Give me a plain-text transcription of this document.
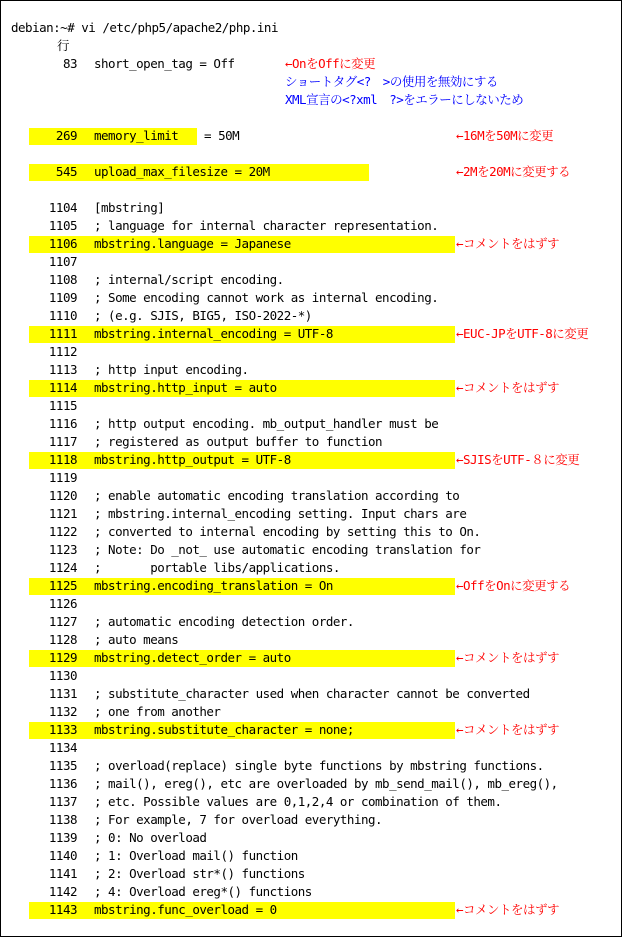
debian:~# vi /etc/php5/apache2/php.ini
行
83 short_open_tag = Off
269 memory_limit = 50M
545 upload_max_filesize = 20M
1104 [mbstring]
1105 ; language for internal character representation.
1106 mbstring.language = Japanese
1107
1108 ; internal/script encoding.
1109 ; Some encoding cannot work as internal encoding.
1110 ; (e.g. SJIS, BIG5, ISO-2022-*)
1111 mbstring.internal_encoding = UTF-8
1112
1113 ; http input encoding.
1114 mbstring.http_input = auto
1115
1116 ; http output encoding. mb_output_handler must be
1117 ; registered as output buffer to function
1118 mbstring.http_output = UTF-8
1119
1120 ; enable automatic encoding translation according to
1121 ; mbstring.internal_encoding setting. Input chars are
1122 ; converted to internal encoding by setting this to On.
1123 ; Note: Do _not_ use automatic encoding translation for
1124 ;       portable libs/applications.
1125 mbstring.encoding_translation = On
1126
1127 ; automatic encoding detection order.
1128 ; auto means
1129 mbstring.detect_order = auto
1130
1131 ; substitute_character used when character cannot be converted
1132 ; one from another
1133 mbstring.substitute_character = none;
1134
1135 ; overload(replace) single byte functions by mbstring functions.
1136 ; mail(), ereg(), etc are overloaded by mb_send_mail(), mb_ereg(),
1137 ; etc. Possible values are 0,1,2,4 or combination of them.
1138 ; For example, 7 for overload everything.
1139 ; 0: No overload
1140 ; 1: Overload mail() function
1141 ; 2: Overload str*() functions
1142 ; 4: Overload ereg*() functions
1143 mbstring.func_overload = 0
←OnをOffに変更
ショートタグ<?　>の使用を無効にする
XML宣言の<?xml　?>をエラーにしないため
←16Mを50Mに変更
←2Mを20Mに変更する
←コメントをはずす
←EUC-JPをUTF-8に変更
←コメントをはずす
←SJISをUTF-８に変更
←OffをOnに変更する
←コメントをはずす
←コメントをはずす
←コメントをはずす
